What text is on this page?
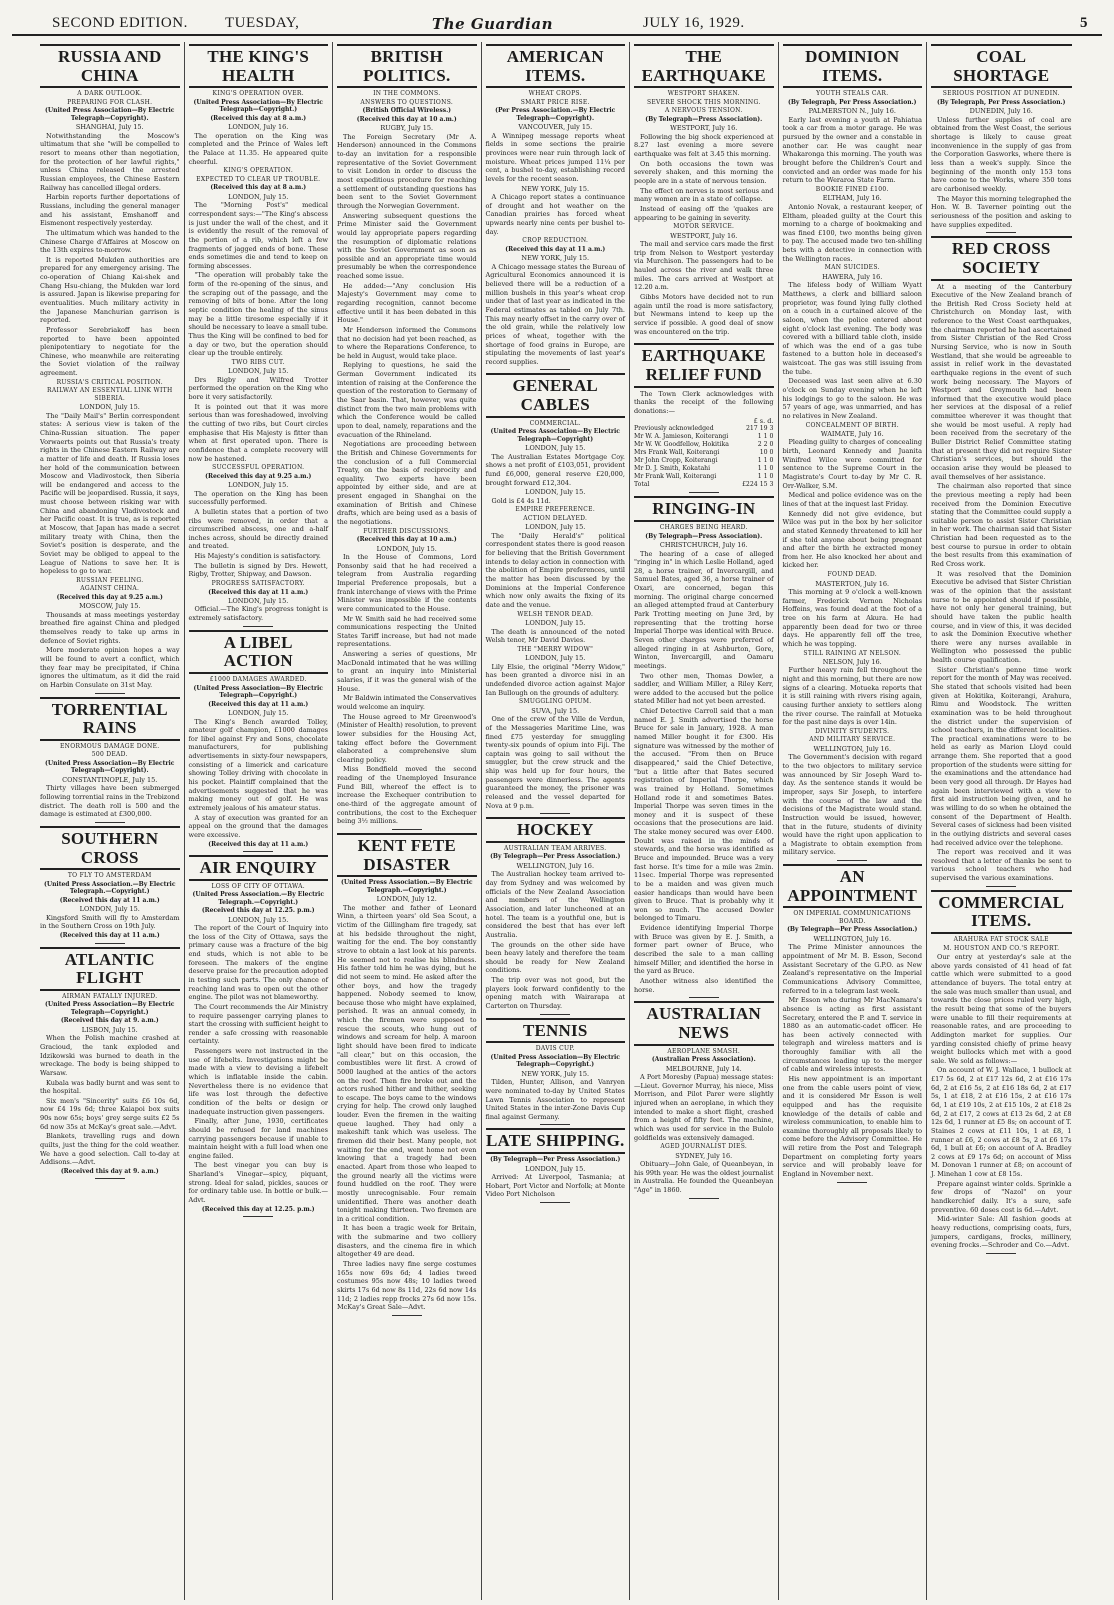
SECOND EDITION. TUESDAY,	The Guardian	JULY 16, 1929.	5
RUSSIA AND CHINA
A DARK OUTLOOK.
PREPARING FOR CLASH.
(United Press Association—By Electric Telegraph—Copyright).
SHANGHAI, July 15.

Notwithstanding the Moscow's ultimatum that she "will be compelled to resort to means other than negotiation, for the protection of her lawful rights," unless China released the arrested Russian employees, the Chinese Eastern Railway has cancelled illegal orders.

Harbin reports further deportations of Russians, including the general manager and his assistant, Emshanoff and Eismenont respectively yesterday.

The ultimatum which was handed to the Chinese Charge d'Affaires at Moscow on the 13th expires to-morrow.

It is reported Mukden authorities are prepared for any emergency arising. The co-operation of Chiang Kai-shek and Chang Hsu-chiang, the Mukden war lord is assured. Japan is likewise preparing for eventualities. Much military activity in the Japanese Manchurian garrison is reported.

Professor Serebriakoff has been reported to have been appointed plenipotentiary to negotiate for the Chinese, who meanwhile are reiterating the Soviet violation of the railway agreement.

RUSSIA'S CRITICAL POSITION.
RAILWAY AN ESSENTIAL LINK WITH SIBERIA.
LONDON, July 15.

The "Daily Mail's" Berlin correspondent states: A serious view is taken of the China-Russian situation. The paper Vorwaerts points out that Russia's treaty rights in the Chinese Eastern Railway are a matter of life and death. If Russia loses her hold of the communication between Moscow and Vladivostock, then Siberia will be endangered and access to the Pacific will be jeopardised. Russia, it says, must choose between risking war with China and abandoning Vladivostock and her Pacific coast. It is true, as is reported at Moscow, that Japan has made a secret military treaty with China, then the Soviet's position is desperate, and the Soviet may be obliged to appeal to the League of Nations to save her. It is hopeless to go to war.

RUSSIAN FEELING.
AGAINST CHINA.
(Received this day at 9.25 a.m.)
MOSCOW, July 15.

Thousands at mass meetings yesterday breathed fire against China and pledged themselves ready to take up arms in defence of Soviet rights.

More moderate opinion hopes a way will be found to avert a conflict, which they fear may be precipitated, if China ignores the ultimatum, as it did the raid on Harbin Consulate on 31st May.

TORRENTIAL RAINS
ENORMOUS DAMAGE DONE.
500 DEAD.
(United Press Association—By Electric Telegraph—Copyright).
CONSTANTINOPLE, July 15.

Thirty villages have been submerged following torrential rains in the Trebizond district. The death roll is 500 and the damage is estimated at £300,000.

SOUTHERN CROSS
TO FLY TO AMSTERDAM
(United Press Association.—By Electric Telegraph.—Copyright.)
(Received this day at 11 a.m.)
LONDON, July 15.

Kingsford Smith will fly to Amsterdam in the Southern Cross on 19th July.

(Received this day at 11 a.m.)
ATLANTIC FLIGHT
AIRMAN FATALLY INJURED.
(United Press Association—By Electric Telegraph—Copyright.)
(Received this day at 9. a.m.)
LISBON, July 15.

When the Polish machine crashed at Gracioud, the tank exploded and Idzikowski was burned to death in the wreckage. The body is being shipped to Warsaw.

Kubala was badly burnt and was sent to the hospital.

Six men's "Sincerity" suits £6 10s 6d, now £4 19s 6d; three Kaiapoi box suits 90s now 65s; boys' grey serge suits £2 5s 6d now 35s at McKay's great sale.—Advt.

Blankets, travelling rugs and down quilts, just the thing for the cold weather. We have a good selection. Call to-day at Addisons.—Advt.

(Received this day at 9. a.m.)
THE KING'S HEALTH
KING'S OPERATION OVER.
(United Press Association—By Electric Telegraph—Copyright.)
(Received this day at 8 a.m.)
LONDON, July 16.

The operation on the King was completed and the Prince of Wales left the Palace at 11.35. He appeared quite cheerful.

KING'S OPERATION.
EXPECTED TO CLEAR UP TROUBLE.
(Received this day at 8 a.m.)
LONDON, July 15.

The "Morning Post's" medical correspondent says:—"The King's abscess is just under the wall of the chest, and it is evidently the result of the removal of the portion of a rib, which left a few fragments of jagged ends of bone. These ends sometimes die and tend to keep on forming abscesses.

"The operation will probably take the form of the re-opening of the sinus, and the scraping out of the passage, and the removing of bits of bone. After the long septic condition the healing of the sinus may be a little tiresome especially if it should be necessary to leave a small tube. Thus the King will be confined to bed for a day or two, but the operation should clear up the trouble entirely.

TWO RIBS CUT.
LONDON, July 15.

Drs Rigby and Wilfred Trotter performed the operation on the King who bore it very satisfactorily.

It is pointed out that it was more serious than was foreshadowed, involving the cutting of two ribs, but Court circles emphasise that His Majesty is fitter than when at first operated upon. There is confidence that a complete recovery will now be hastened.

SUCCESSFUL OPERATION.
(Received this day at 9.25 a.m.)
LONDON, July 15.

The operation on the King has been successfully performed.

A bulletin states that a portion of two ribs were removed, in order that a circumscribed abscess, one and a-half inches across, should be directly drained and treated.

His Majesty's condition is satisfactory.

The bulletin is signed by Drs. Hewett, Rigby, Trotter, Shipway, and Dawson.

PROGRESS SATISFACTORY.
(Received this day at 11 a.m.)
LONDON, July 15.

Official.—The King's progress tonight is extremely satisfactory.

A LIBEL ACTION
£1000 DAMAGES AWARDED.
(United Press Association—By Electric Telegraph—Copyright.)
(Received this day at 11 a.m.)
LONDON, July 15.

The King's Bench awarded Tolley, amateur golf champion, £1000 damages for libel against Fry and Sons, chocolate manufacturers, for publishing advertisements in sixty-four newspapers, consisting of a limerick and caricature showing Tolley driving with chocolate in his pocket. Plaintiff complained that the advertisements suggested that he was making money out of golf. He was extremely jealous of his amateur status.

A stay of execution was granted for an appeal on the ground that the damages were excessive.

(Received this day at 11 a.m.)
AIR ENQUIRY
LOSS OF CITY OF OTTAWA.
(United Press Association.—By Electric Telegraph.—Copyright.)
(Received this day at 12.25. p.m.)
LONDON, July 15.

The report of the Court of Inquiry into the loss of the City of Ottawa, says the primary cause was a fracture of the big end studs, which is not able to be foreseen. The makers of the engine deserve praise for the precaution adopted in testing such parts. The only chance of reaching land was to open out the other engine. The pilot was not blameworthy.

The Court recommends the Air Ministry to require passenger carrying planes to start the crossing with sufficient height to render a safe crossing with reasonable certainty.

Passengers were not instructed in the use of lifebelts. Investigations might be made with a view to devising a lifebelt which is inflatable inside the cabin. Nevertheless there is no evidence that life was lost through the defective condition of the belts or design or inadequate instruction given passengers.

Finally, after June, 1930, certificates should be refused for land machines carrying passengers because if unable to maintain height with a full load when one engine failed.

The best vinegar you can buy is Sharland's Vinegar—spicy, piquant, strong. Ideal for salad, pickles, sauces or for ordinary table use. In bottle or bulk.—Advt.

(Received this day at 12.25. p.m.)
BRITISH POLITICS.
IN THE COMMONS.
ANSWERS TO QUESTIONS.
(British Official Wireless.)
(Received this day at 10 a.m.)
RUGBY, July 15.

The Foreign Secretary (Mr A. Henderson) announced in the Commons to-day an invitation for a responsible representative of the Soviet Government to visit London in order to discuss the most expeditious procedure for reaching a settlement of outstanding questions has been sent to the Soviet Government through the Norwegian Government.

Answering subsequent questions the Prime Minister said the Government would lay appropriate papers regarding the resumption of diplomatic relations with the Soviet Government as soon as possible and an appropriate time would presumably be when the correspondence reached some issue.

He added:—"Any conclusion His Majesty's Government may come to regarding recognition, cannot become effective until it has been debated in this House."

Mr Henderson informed the Commons that no decision had yet been reached, as to where the Reparations Conference, to be held in August, would take place.

Replying to questions, he said the German Government indicated its intention of raising at the Conference the question of the restoration to Germany of the Saar basin. That, however, was quite distinct from the two main problems with which the Conference would be called upon to deal, namely, reparations and the evacuation of the Rhineland.

Negotiations are proceeding between the British and Chinese Governments for the conclusion of a full Commercial Treaty, on the basis of reciprocity and equality. Two experts have been appointed by either side, and are at present engaged in Shanghai on the examination of British and Chinese drafts, which are being used as a basis of the negotiations.

FURTHER DISCUSSIONS.
(Received this day at 10 a.m.)
LONDON, July 15.

In the House of Commons, Lord Ponsonby said that he had received a telegram from Australia regarding Imperial Preference proposals, but a frank interchange of views with the Prime Minister was impossible if the contents were communicated to the House.

Mr W. Smith said he had received some communications respecting the United States Tariff increase, but had not made representations.

Answering a series of questions, Mr MacDonald intimated that he was willing to grant an inquiry into Ministerial salaries, if it was the general wish of the House.

Mr Baldwin intimated the Conservatives would welcome an inquiry.

The House agreed to Mr Greenwood's (Minister of Health) resolution, to prevent lower subsidies for the Housing Act, taking effect before the Government elaborated a comprehensive slum clearing policy.

Miss Bondfield moved the second reading of the Unemployed Insurance Fund Bill, whereof the effect is to increase the Exchequer contribution to one-third of the aggregate amount of contributions, the cost to the Exchequer being 3½ millions.

KENT FETE DISASTER
(United Press Association.—By Electric Telegraph.—Copyright.)
LONDON, July 12.

The mother and father of Leonard Winn, a thirteen years' old Sea Scout, a victim of the Gillingham fire tragedy, sat at his bedside throughout the night, waiting for the end. The boy constantly strove to obtain a last look at his parents. He seemed not to realise his blindness. His father told him he was dying, but he did not seem to mind. He asked after the other boys, and how the tragedy happened. Nobody seemed to know, because those who might have explained, perished. It was an annual comedy, in which the firemen were supposed to rescue the scouts, who hung out of windows and scream for help. A maroon light should have been fired to indicate "all clear," but on this occasion, the combustibles were lit first. A crowd of 5000 laughed at the antics of the actors on the roof. Then fire broke out and the actors rushed hither and thither, seeking to escape. The boys came to the windows crying for help. The crowd only laughed louder. Even the firemen in the waiting queue laughed. They had only a makeshift tank which was useless. The firemen did their best. Many people, not waiting for the end, went home not even knowing that a tragedy had been enacted. Apart from those who leaped to the ground nearly all the victims were found huddled on the roof. They were mostly unrecognisable. Four remain unidentified. There was another death tonight making thirteen. Two firemen are in a critical condition.

It has been a tragic week for Britain, with the submarine and two colliery disasters, and the cinema fire in which altogether 49 are dead.

Three ladies navy fine serge costumes 165s now 69s 6d; 4 ladies tweed costumes 95s now 48s; 10 ladies tweed skirts 17s 6d now 8s 11d, 22s 6d now 14s 11d; 2 ladies repp frocks 27s 6d now 15s. McKay's Great Sale—Advt.

AMERICAN ITEMS.
WHEAT CROPS.
SMART PRICE RISE.
(Per Press Association.—By Electric Telegraph—Copyright).
VANCOUVER, July 15.

A Winnipeg message reports wheat fields in some sections the prairie provinces were near ruin through lack of moisture. Wheat prices jumped 11¼ per cent, a bushel to-day, establishing record levels for the recent season.

NEW YORK, July 15.

A Chicago report states a continuance of drought and hot weather on the Canadian prairies has forced wheat upwards nearly nine cents per bushel to-day.

CROP REDUCTION.
(Received this day at 11 a.m.)
NEW YORK, July 15.

A Chicago message states the Bureau of Agricultural Economics announced it is believed there will be a reduction of a million bushels in this year's wheat crop under that of last year as indicated in the Federal estimates as tabled on July 7th. This may nearly offset in the carry over of the old grain, while the relatively low prices of wheat, together with the shortage of food grains in Europe, are stipulating the movements of last year's record supplies.

GENERAL CABLES
COMMERCIAL.
(United Press Association—By Electric Telegraph—Copyright)
LONDON, July 15.

The Australian Estates Mortgage Coy. shows a net profit of £103,051, provident fund £6,000, general reserve £20,000, brought forward £12,304.

LONDON, July 15.

Gold is £4 4s 11d.

EMPIRE PREFERENCE.
ACTION DELAYED.
LONDON, July 15.

The "Daily Herald's" political correspondent states there is good reason for believing that the British Government intends to delay action in connection with the abolition of Empire preferences, until the matter has been discussed by the Dominions at the Imperial Conference which now only awaits the fixing of its date and the venue.

WELSH TENOR DEAD.
LONDON, July 15.

The death is announced of the noted Welsh tenor, Mr David Davies.

THE "MERRY WIDOW"
LONDON, July 15.

Lily Elsie, the original "Merry Widow," has been granted a divorce nisi in an undefended divorce action against Major Ian Bullough on the grounds of adultery.

SMUGGLING OPIUM.
SUVA, July 15.

One of the crew of the Ville de Verdun, of the Messageries Maritime Line, was fined £75 yesterday for smuggling twenty-six pounds of opium into Fiji. The captain was going to sail without the smuggler, but the crew struck and the ship was held up for four hours, the passengers were dinnerless. The agents guaranteed the money, the prisoner was released and the vessel departed for Nova at 9 p.m.

HOCKEY
AUSTRALIAN TEAM ARRIVES.
(By Telegraph—Per Press Association.)
WELLINGTON, July 16.

The Australian hockey team arrived to-day from Sydney and was welcomed by officials of the New Zealand Association and members of the Wellington Association, and later luncheoned at an hotel. The team is a youthful one, but is considered the best that has ever left Australia.

The grounds on the other side have been heavy lately and therefore the team should be ready for New Zealand conditions.

The trip over was not good, but the players look forward confidently to the opening match with Wairarapa at Carterton on Thursday.

TENNIS
DAVIS CUP.
(United Press Association—By Electric Telegraph—Copyright.)
NEW YORK, July 15.

Tilden, Hunter, Allison, and Vanryen were nominated to-day by United States Lawn Tennis Association to represent United States in the inter-Zone Davis Cup final against Germany.

LATE SHIPPING.
(By Telegraph—Per Press Association.)
LONDON, July 15.

Arrived: At Liverpool, Tasmania; at Hobart, Port Victor and Norfolk; at Monte Video Port Nicholson

THE EARTHQUAKE
WESTPORT SHAKEN.
SEVERE SHOCK THIS MORNING.
A NERVOUS TENSION.
(By Telegraph—Press Association).
WESTPORT, July 16.

Following the big shock experienced at 8.27 last evening a more severe earthquake was felt at 3.45 this morning.

On both occasions the town was severely shaken, and this morning the people are in a state of nervous tension.

The effect on nerves is most serious and many women are in a state of collapse.

Instead of easing off the 'quakes are appearing to be gaining in severity.

MOTOR SERVICE.
WESTPORT, July 16.

The mail and service cars made the first trip from Nelson to Westport yesterday via Murchison. The passengers had to be hauled across the river and walk three miles. The cars arrived at Westport at 12.20 a.m.

Gibbs Motors have decided not to run again until the road is more satisfactory, but Newmans intend to keep up the service if possible. A good deal of snow was encountered on the trip.

EARTHQUAKE RELIEF FUND

The Town Clerk acknowledges with thanks the receipt of the following donations:—

£ s. d.
Previously acknowledged	217 19 3
Mr W. A. Jamieson, Koiterangi	1 1 0
Mr W. W. Goodfellow, Hokitika	2 2 0
Mrs Frank Wall, Koiterangi	10 0
Mr John Cropp, Koiterangi	1 1 0
Mr D. J. Smith, Kokatahi	1 1 0
Mr Frank Wall, Koiterangi	1 1 0
Total	£224 15 3
RINGING-IN
CHARGES BEING HEARD.
(By Telegraph—Press Association).
CHRISTCHURCH, July 16.

The hearing of a case of alleged "ringing in" in which Leslie Holland, aged 28, a horse trainer, of Invercargill, and Samuel Bates, aged 36, a horse trainer of Oxari, are concerned, began this morning. The original charge concerned an alleged attempted fraud at Canterbury Park Trotting meeting on June 3rd, by representing that the trotting horse Imperial Thorpe was identical with Bruce. Seven other charges were preferred of alleged ringing in at Ashburton, Gore, Winton, Invercargill, and Oamaru meetings.

Two other men, Thomas Dowler, a saddler, and William Miller, a Riley Kerr, were added to the accused but the police stated Miller had not yet been arrested.

Chief Detective Carroll said that a man named E. J. Smith advertised the horse Bruce for sale in January, 1928. A man named Miller bought it for £300. His signature was witnessed by the mother of the accused. "From then on Bruce disappeared," said the Chief Detective, "but a little after that Bates secured registration of Imperial Thorpe, which was trained by Holland. Sometimes Holland rode it and sometimes Bates. Imperial Thorpe was seven times in the money and it is suspect of these occasions that the prosecutions are laid. The stake money secured was over £400. Doubt was raised in the minds of stewards, and the horse was identified as Bruce and impounded. Bruce was a very fast horse. It's time for a mile was 2min. 11sec. Imperial Thorpe was represented to be a maiden and was given much easier handicaps than would have been given to Bruce. That is probably why it won so much. The accused Dowler belonged to Timaru.

Evidence identifying Imperial Thorpe with Bruce was given by E. J. Smith, a former part owner of Bruce, who described the sale to a man calling himself Miller, and identified the horse in the yard as Bruce.

Another witness also identified the horse.

AUSTRALIAN NEWS
AEROPLANE SMASH.
(Australian Press Association).
MELBOURNE, July 14.

A Port Moresby (Papua) message states:—Lieut. Governor Murray, his niece, Miss Morrison, and Pilot Parer were slightly injured when an aeroplane, in which they intended to make a short flight, crashed from a height of fifty feet. The machine, which was used for service in the Bulolo goldfields was extensively damaged.

AGED JOURNALIST DIES.
SYDNEY, July 16.

Obituary—John Gale, of Queanbeyan, in his 99th year. He was the oldest journalist in Australia. He founded the Queanbeyan "Age" in 1860.

DOMINION ITEMS.
YOUTH STEALS CAR.
(By Telegraph, Per Press Association.)
PALMERSTON N., July 16.

Early last evening a youth at Pahiatua took a car from a motor garage. He was pursued by the owner and a constable in another car. He was caught near Whakaronga this morning. The youth was brought before the Children's Court and convicted and an order was made for his return to the Weraroa State Farm.

BOOKIE FINED £100.
ELTHAM, July 16.

Antonio Novak, a restaurant keeper, of Eltham, pleaded guilty at the Court this morning to a charge of bookmaking and was fined £100, two months being given to pay. The accused made two ten-shilling bets with a detective in connection with the Wellington races.

MAN SUICIDES.
HAWERA, July 16.

The lifeless body of William Wyatt Matthews, a clerk and billiard saloon proprietor, was found lying fully clothed on a couch in a curtained alcove of the saloon, when the police entered about eight o'clock last evening. The body was covered with a billiard table cloth, inside of which was the end of a gas tube fastened to a button hole in deceased's waistcoat. The gas was still issuing from the tube.

Deceased was last seen alive at 6.30 o'clock on Sunday evening when he left his lodgings to go to the saloon. He was 57 years of age, was unmarried, and has no relatives in New Zealand.

CONCEALMENT OF BIRTH.
WAIMATE, July 16.

Pleading guilty to charges of concealing birth, Leonard Kennedy and Juanita Winifred Wilce were committed for sentence to the Supreme Court in the Magistrate's Court to-day by Mr C. R. Orr-Walker, S.M.

Medical and police evidence was on the lines of that at the inquest last Friday.

Kennedy did not give evidence, but Wilce was put in the box by her solicitor and stated Kennedy threatened to kill her if she told anyone about being pregnant and after the birth he extracted money from her. He also knocked her about and kicked her.

FOUND DEAD.
MASTERTON, July 16.

This morning at 9 o'clock a well-known farmer, Frederick Vernon Nicholas Hoffeins, was found dead at the foot of a tree on his farm at Akura. He had apparently been dead for two or three days. He apparently fell off the tree, which he was topping.

STILL RAINING AT NELSON.
NELSON, July 16.

Further heavy rain fell throughout the night and this morning, but there are now signs of a clearing. Motueka reports that it is still raining with rivers rising again, causing further anxiety to settlers along the river course. The rainfall at Motueka for the past nine days is over 14in.

DIVINITY STUDENTS.
AND MILITARY SERVICE.
WELLINGTON, July 16.

The Government's decision with regard to the two objectors to military service was announced by Sir Joseph Ward to-day. As the sentence stands it would be improper, says Sir Joseph, to interfere with the course of the law and the decisions of the Magistrate would stand. Instruction would be issued, however, that in the future, students of divinity would have the right upon application to a Magistrate to obtain exemption from military service.

AN APPOINTMENT
ON IMPERIAL COMMUNICATIONS BOARD.
(By Telegraph—Per Press Association.)
WELLINGTON, July 16.

The Prime Minister announces the appointment of Mr M. B. Esson, Second Assistant Secretary of the G.P.O. as New Zealand's representative on the Imperial Communications Advisory Committee, referred to in a telegram last week.

Mr Esson who during Mr MacNamara's absence is acting as first assistant Secretary, entered the P. and T. service in 1880 as an automatic-cadet officer. He has been actively connected with telegraph and wireless matters and is thoroughly familiar with all the circumstances leading up to the merger of cable and wireless interests.

His new appointment is an important one from the cable users point of view, and it is considered Mr Esson is well equipped and has the requisite knowledge of the details of cable and wireless communication, to enable him to examine thoroughly all proposals likely to come before the Advisory Committee. He will retire from the Post and Telegraph Department on completing forty years service and will probably leave for England in November next.

COAL SHORTAGE
SERIOUS POSITION AT DUNEDIN.
(By Telegraph, Per Press Association.)
DUNEDIN, July 16.

Unless further supplies of coal are obtained from the West Coast, the serious shortage is likely to cause great inconvenience in the supply of gas from the Corporation Gasworks, where there is less than a week's supply. Since the beginning of the month only 153 tons have come to the Works, where 350 tons are carbonised weekly.

The Mayor this morning telegraphed the Hon. W. B. Taverner pointing out the seriousness of the position and asking to have supplies expedited.

RED CROSS SOCIETY

At a meeting of the Canterbury Executive of the New Zealand branch of the British Red Cross Society held at Christchurch on Monday last, with reference to the West Coast earthquakes, the chairman reported he had ascertained from Sister Christian of the Red Cross Nursing Service, who is now in South Westland, that she would be agreeable to assist in relief work in the devastated earthquake regions in the event of such work being necessary. The Mayors of Westport and Greymouth had been informed that the executive would place her services at the disposal of a relief committee wherever it was thought that she would be most useful. A reply had been received from the secretary of the Buller District Relief Committee stating that at present they did not require Sister Christian's services, but should the occasion arise they would be pleased to avail themselves of her assistance.

The chairman also reported that since the previous meeting a reply had been received from the Dominion Executive stating that the Committee could supply a suitable person to assist Sister Christian in her work. The chairman said that Sister Christian had been requested as to the best course to pursue in order to obtain the best results from this examination of Red Cross work.

It was resolved that the Dominion Executive be advised that Sister Christian was of the opinion that the assistant nurse to be appointed should if possible, have not only her general training, but should have taken the public health course, and in view of this, it was decided to ask the Dominion Executive whether there were any nurses available in Wellington who possessed the public health course qualification.

Sister Christian's penne time work report for the month of May was received. She stated that schools visited had been given at Hokitika, Koiterangi, Arahura, Rimu and Woodstock. The written examination was to be held throughout the district under the supervision of school teachers, in the different localities. The practical examinations were to be held as early as Marion Lloyd could arrange them. She reported that a good proportion of the students were sitting for the examinations and the attendance had been very good all through. Dr Hayes had again been interviewed with a view to first aid instruction being given, and he was willing to do so when he obtained the consent of the Department of Health. Several cases of sickness had been visited in the outlying districts and several cases had received advice over the telephone.

The report was received and it was resolved that a letter of thanks be sent to various school teachers who had supervised the various examinations.

COMMERCIAL ITEMS.
ARAHURA FAT STOCK SALE
M. HOUSTON AND CO.'S REPORT.

Our entry at yesterday's sale at the above yards consisted of 41 head of fat cattle which were submitted to a good attendance of buyers. The total entry at the sale was much smaller than usual, and towards the close prices ruled very high, the result being that some of the buyers were unable to fill their requirements at reasonable rates, and are proceeding to Addington market for supplies. Our yarding consisted chiefly of prime heavy weight bullocks which met with a good sale. We sold as follows:—

On account of W. J. Wallace, 1 bullock at £17 5s 6d, 2 at £17 12s 6d, 2 at £16 17s 6d, 2 at £16 5s, 2 at £16 18s 6d, 2 at £17 5s, 1 at £18, 2 at £16 15s, 2 at £16 17s 6d, 1 at £19 10s, 2 at £15 10s, 2 at £18 2s 6d, 2 at £17, 2 cows at £13 2s 6d, 2 at £8 12s 6d, 1 runner at £5 8s; on account of T. Staines 2 cows at £11 10s, 1 at £8, 1 runner at £6, 2 cows at £8 5s, 2 at £6 17s 6d, 1 bull at £6; on account of A. Bradley 2 cows at £9 17s 6d; on account of Miss M. Donovan 1 runner at £8; on account of J. Minehan 1 cow at £8 15s.

Prepare against winter colds. Sprinkle a few drops of "Nazol" on your handkerchief daily. It's a sure, safe preventive. 60 doses cost is 6d.—Advt.

Mid-winter Sale: All fashion goods at heavy reductions, comprising coats, furs, jumpers, cardigans, frocks, millinery, evening frocks.—Schroder and Co.—Advt.
